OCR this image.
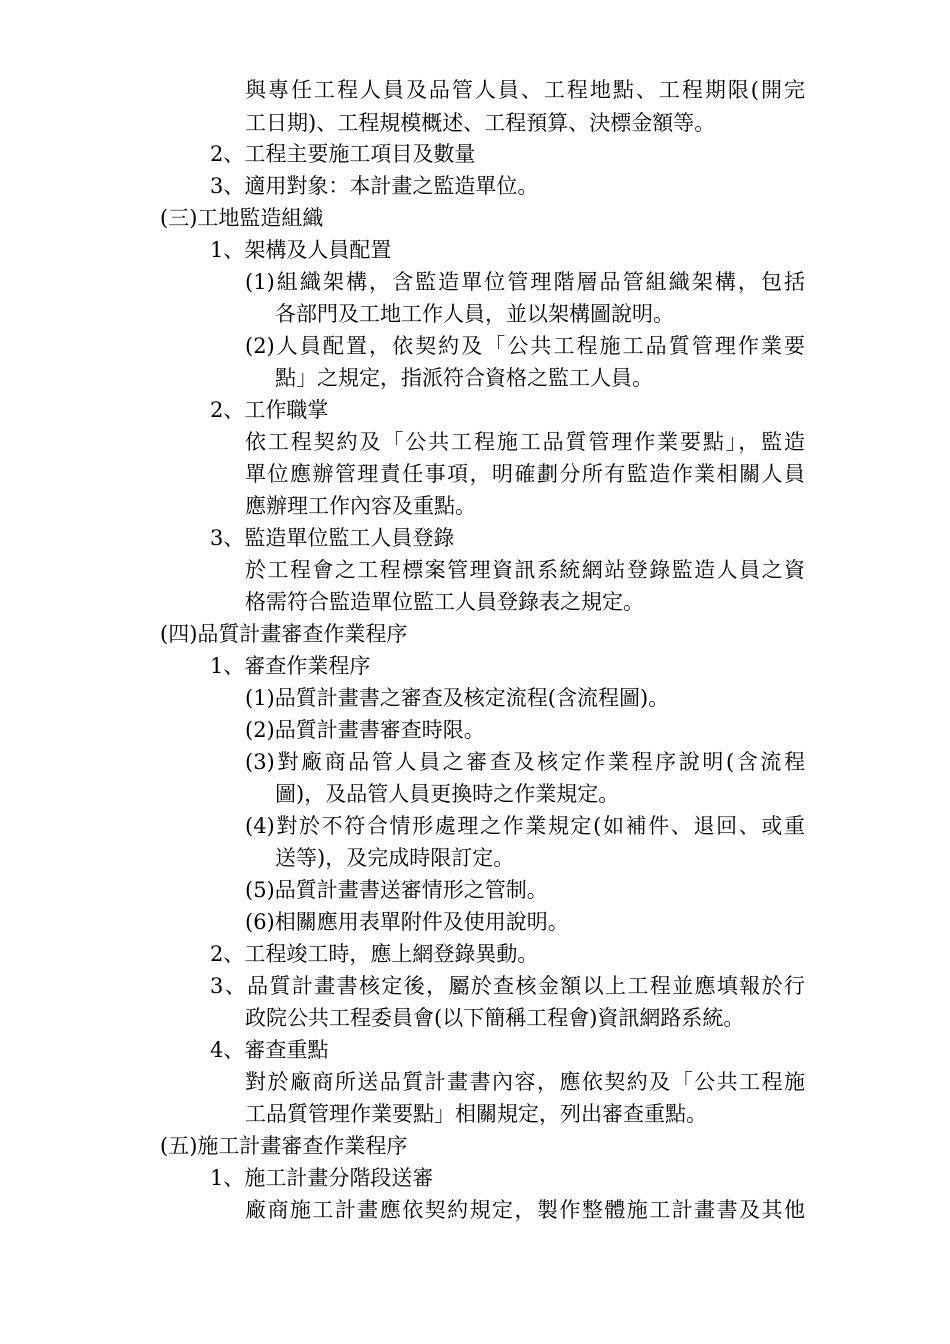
與專任工程人員及品管人員、工程地點、工程期限(開完
工日期)、工程規模概述、工程預算、決標金額等。
2、工程主要施工項目及數量
3、適用對象：本計畫之監造單位。
(三)工地監造組織
1、架構及人員配置
(1)組織架構，含監造單位管理階層品管組織架構，包括
各部門及工地工作人員，並以架構圖說明。
(2)人員配置，依契約及「公共工程施工品質管理作業要
點」之規定，指派符合資格之監工人員。
2、工作職掌
依工程契約及「公共工程施工品質管理作業要點」，監造
單位應辦管理責任事項，明確劃分所有監造作業相關人員
應辦理工作內容及重點。
3、監造單位監工人員登錄
於工程會之工程標案管理資訊系統網站登錄監造人員之資
格需符合監造單位監工人員登錄表之規定。
(四)品質計畫審查作業程序
1、審查作業程序
(1)品質計畫書之審查及核定流程(含流程圖)。
(2)品質計畫書審查時限。
(3)對廠商品管人員之審查及核定作業程序說明(含流程
圖)，及品管人員更換時之作業規定。
(4)對於不符合情形處理之作業規定(如補件、退回、或重
送等)，及完成時限訂定。
(5)品質計畫書送審情形之管制。
(6)相關應用表單附件及使用說明。
2、工程竣工時，應上網登錄異動。
3、品質計畫書核定後，屬於查核金額以上工程並應填報於行
政院公共工程委員會(以下簡稱工程會)資訊網路系統。
4、審查重點
對於廠商所送品質計畫書內容，應依契約及「公共工程施
工品質管理作業要點」相關規定，列出審查重點。
(五)施工計畫審查作業程序
1、施工計畫分階段送審
廠商施工計畫應依契約規定，製作整體施工計畫書及其他
